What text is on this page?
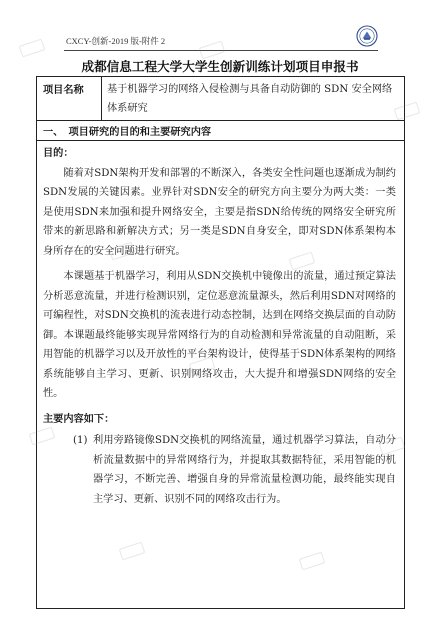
CXCY-创新-2019 版-附件 2
成都信息工程大学大学生创新训练计划项目申报书
项目名称	基于机器学习的网络入侵检测与具备自动防御的 SDN 安全网络体系研究
一、　项目研究的目的和主要研究内容
目的：

随着对SDN架构开发和部署的不断深入，各类安全性问题也逐渐成为制约SDN发展的关键因素。业界针对SDN安全的研究方向主要分为两大类：一类是使用SDN来加强和提升网络安全，主要是指SDN给传统的网络安全研究所带来的新思路和新解决方式；另一类是SDN自身安全，即对SDN体系架构本身所存在的安全问题进行研究。

本课题基于机器学习，利用从SDN交换机中镜像出的流量，通过预定算法分析恶意流量，并进行检测识别，定位恶意流量源头，然后利用SDN对网络的可编程性，对SDN交换机的流表进行动态控制，达到在网络交换层面的自动防御。本课题最终能够实现异常网络行为的自动检测和异常流量的自动阻断，采用智能的机器学习以及开放性的平台架构设计，使得基于SDN体系架构的网络系统能够自主学习、更新、识别网络攻击，大大提升和增强SDN网络的安全性。

主要内容如下：
(1) 利用旁路镜像SDN交换机的网络流量，通过机器学习算法，自动分析流量数据中的异常网络行为，并提取其数据特征，采用智能的机器学习，不断完善、增强自身的异常流量检测功能，最终能实现自主学习、更新、识别不同的网络攻击行为。
